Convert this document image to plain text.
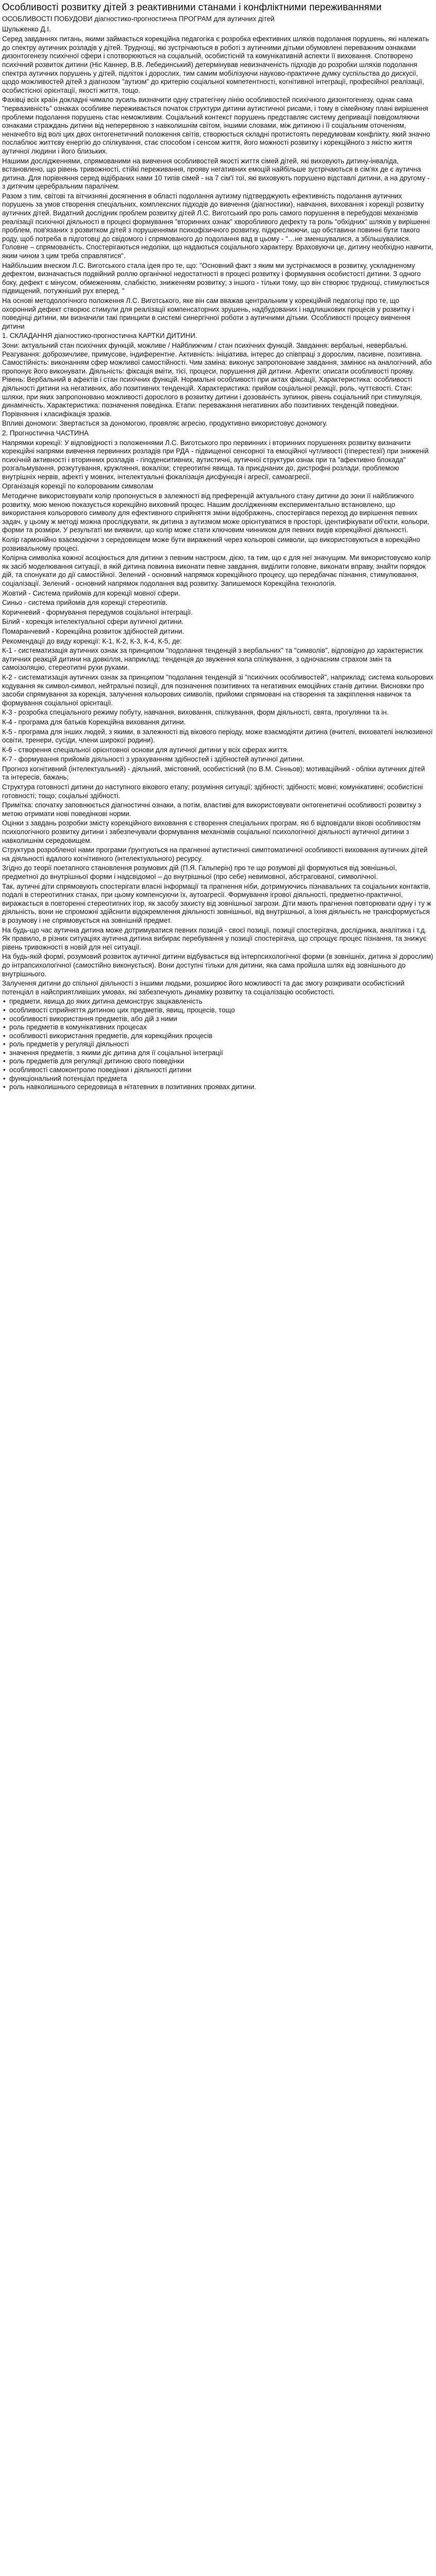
Особливості розвитку дітей з реактивними станами і конфліктними переживаннями

ОСОБЛИВОСТІ ПОБУДОВИ діагностико-прогностична ПРОГРАМ для аутичних дітей

Шульженко Д.І.

Серед завданнях питань, якими займається корекційна педагогіка є розробка ефективних шляхів подолання порушень, які належать до спектру аутичних розладів у дітей. Труднощі, які зустрічаються в роботі з аутичними дітьми обумовлені переважним ознаками дизонтогенезу психічної сфери і спотворюються на соціальній, особистісній та комунікативній аспекти її виховання. Спотворено психічний розвиток дитини (Ніс Каннер, В.В. Лебединський) детермінував невизначеність підходів до розробки шляхів подолання спектра аутичних порушень у дітей, підліток і дорослих, тим самим мобілізуючи науково-практичне думку суспільства до дискусії, щодо можливостей дітей з діагнозом "аутизм" до критерію соціальної компетентності, когнітивної інтеграції, професійної реалізації, особистісної орієнтації, якості життя, тощо.

Фахівці всіх країн докладні чимало зусиль визначити одну стратегічну лінію особливостей психічного дизонтогенезу, однак сама "первазивність" ознаках особливе переживається початок структури дитини аутистичної рисами, і тому в сімейному плані вирішення проблеми подолання порушень стає неможливим. Соціальний контекст порушень представляє систему депривації повідомляючи ознаками страждань дитини від неперервною з навколишнім світом, іншими словами, між дитиною і її соціальним оточенням, неначебто від волі цих двох онтогенетичний положення світів, створюється складні протистоять передумовам конфлікту, який значно послаблює життєву енергію до спілкування, стає способом і сенсом життя, його можності розвитку і корекційного з якістю життя аутичної людини і його близьких.

Нашими дослідженнями, спрямованими на вивчення особливостей якості життя сімей дітей, які виховують дитину-інваліда, встановлено, що рівень тривожності, стійкі переживання, прояву негативних емоцій найбільше зустрічаються в сім'ях де є аутична дитина. Для порівняння серед відібраних нами 10 типів сімей - на 7 сім'ї тої, які виховують порушено відставлі дитини, а на другому - з дитячим церебральним паралічем.

Разом з тим, світові та вітчизняні досягнення в області подолання аутизму підтверджують ефективність подолання аутичних порушень за умов створення спеціальних, комплексних підходів до вивчення (діагностики), навчання, виховання і корекції розвитку аутичних дітей. Видатний дослідник проблем розвитку дітей Л.С. Виготський про роль самого порушення в перебудові механізмів реалізації психічної діяльності в процесі формування "вторинних ознак" хворобливого дефекту та роль "обхідних" шляхів у вирішенні проблем, пов'язаних з розвитком дітей з порушеннями психофізичного розвитку, підкреслюючи, що обставини повинні бути такого роду, щоб потреба в підготовці до свідомого і спрямованого до подолання вад в цьому - "…не зменшувалися, а збільшувалися. Головне – спрямованість. Спостерігаються недоліки, що надаються соціального характеру. Враховуючи це, дитину необхідно навчити, яким чином з цим треба справлятися".

Найбільшим внеском Л.С. Виготського стала ідея про те, що: "Основний факт з яким ми зустрічаємося в розвитку, ускладненому дефектом, визначається подвійний роллю органічної недостатності в процесі розвитку і формування особистості дитини. З одного боку, дефект є мінусом, обмеженням, слабкістю, зниженням розвитку; з іншого - тільки тому, що він створює труднощі, стимулюється підвищений, потужніший рух вперед. "

На основі методологічного положення Л.С. Виготського, яке він сам вважав центральним у корекційній педагогіці про те, що охоронний дефект створює стимули для реалізації компенсаторних зрушень, надбудованих і надлишкових процесів у розвитку і поведінці дитини, ми визначили такі принципи в системі синергічної роботи з аутичними дітьми. Особливості процесу вивчення дитини

1. СКЛАДАННЯ діагностико-прогностична КАРТКИ ДИТИНИ.

Зони: актуальний стан психічних функцій, можливе / Найближчим / стан психічних функцій. Завдання: вербальні, невербальні. Реагування: доброзичливе, примусове, індиферентне. Активність: ініціатива, інтерес до співпраці з дорослим, пасивне, позитивна. Самостійність: виконанням сфер можливої самостійності. Чим заміна: виконує запропоноване завдання, замінює на аналогічний, або пропонує його виконувати. Діяльність: фіксація вміти, тієї, процеси, порушення дій дитини. Афекти: описати особливості прояву. Рівень: Вербальний в афектів і стан психічних функцій. Нормальні особливості при актах фіксації, Характеристика: особливості діяльності дитини на негативних, або позитивних тенденцій. Характеристика: прийом соціальної реакції, роль, чуттєвості. Стан: шляхи, при яких запропоновано можливості дорослого в розвитку дитини і дозованість зупинок, рівень соціальний при стимуляція, динамічність. Характеристика: позначення поведінка. Етапи: переважання негативних або позитивних тенденцій поведінки. Порівняння і класифікація зразків.

Впливі дономоги: Звертається за дономогою, провяляє агресію, продуктивно використовує дономогу.

2. Прогностична ЧАСТИНА

Напрямки корекції: У відповідності з положеннями Л.С. Виготського про первинних і вторинних порушеннях розвитку визначити корекційні напрями вивчення первинних розладів при РДА - підвищеної сенсорної та емоційної чутливості (гіперестезії) при зниженій психічній активності і вторинних розладів - гіподенситивних, аутистичні, аутичної структури ознак при та "афективно блокада" розгальмування, розкутування, кружляння, вокалізи; стереотипні явища, та приєднаних до, дистрофні розлади, проблемою внутрішніх нервів, афекті у мовних, інтелектуальні фокалізація дисфункція і агресії, самоагресії.

Організація корекції по колорованим символам

Методичне використовувати колір пропонується в залежності від преференцій актуального стану дитини до зони її найближчого розвитку, мою меною показується корекційно виховний процес. Нашим дослідженням експериментально встановлено, що використання кольорового символу для ефективного сприйняття зміни відображень, спостерігався переход до вирішення певних задач, у цьому ж методі можна прослідкувати, як дитина з аутизмом може орієнтуватися в просторі, ідентифікувати об'єкти, кольори, форми та розміри. У результаті ми виявили, що колір може стати ключовим чинником для певних видів корекційної діяльності.

Колір гармонійно взаємодіючи з середовищем може бути виражений через кольорові символи, що використовуються в корекційно розвивальному процесі.

Колірна символіка кожної асоціюється для дитини з певним настроєм, дією, та тим, що є для неї значущим. Ми використовуємо колір як засіб моделювання ситуації, в якій дитина повинна виконати певне завдання, виділити головне, виконати вправу, знайти порядок дій, та спонукати до дії самостійної. Зелений - основний напрямок корекційного процесу, що передбачає пізнання, стимулювання, соціалізації. Зелений - основний напрямок подолання вад розвитку. Запишемося Корекційна технологія.

Жовтий - Система прийомів для корекції мовної сфери.

Синьо - система прийомів для корекції стереотипів.

Коричневий - формування передумов соціальної інтеграції.

Білий - корекція інтелектуальної сфери аутичної дитини.

Помаранчевий - Корекційна розвиток здібностей дитини.

Рекомендації до виду корекції: К-1, К-2, К-3, К-4, К-5, де:

К-1 - систематизація аутичних ознак за принципом "подолання тенденцій з вербальних" та "символів", відповідно до характеристик аутичних реакцій дитини на довкілля, наприклад: тенденція до звуження кола спілкування, з одночасним страхом змін та самоізоляцію, стереотипні рухи руками.

К-2 - систематизація аутичних ознак за принципом "подолання тенденцій зі "психічних особливостей", наприклад: система кольорових кодування як символ-символ, нейтральні позиції, для позначення позитивних та негативних емоційних станів дитини. Висновки про засоби спрямування за корекція, залучення кольорових символів, прийоми спрямовані на створення та закріплення навичок та формування соціальної орієнтації.

К-3 - розробка спеціального режиму побуту, навчання, виховання, спілкування, форм діяльності, свята, прогулянки та ін.

К-4 - програма для батьків Корекційна виховання дитини.

К-5 - програма для інших людей, з якими, в залежності від вікового періоду, може взаємодіяти дитина (вчителі, вихователі інклюзивної освіти, тренери, сусіди, члени широкої родини).

К-6 - створення спеціальної орієнтовної основи для аутичної дитини у всіх сферах життя.

К-7 - формування прийомів діяльності з урахуванням здібностей і здібностей аутичної дитини.

Прогноз когнітивний (інтелектуальний) - діяльний, змістовний, особистісний (по В.М. Сінньов); мотиваційний - обліки аутичних дітей та інтересів, бажань;

Структура готовності дитини до наступного вікового етапу; розуміння ситуації; здібності; здібності; мовні; комунікативні; особистісні готовності; тощо; соціальні здібності.

Примітка: спочатку заповнюється діагностичні ознаки, а потім, властиві для використовувати онтогенетичні особливості розвитку з метою отримати нові поведінкові норми.

Оцінки з завдань розробки змісту корекційного виховання є створення спеціальних програм, які б відповідали вікові особливостям психологічного розвитку дитини і забезпечували формування механізмів соціальної психологічної діяльності аутичної дитини з навколишнім середовищем.

Структура розробленої нами програми ґрунтуються на прагненні аутистичної симптоматичної особливості виховання аутичних дітей на діяльності вдалого когнітивного (інтелектуального) ресурсу.

Згідно до теорії поетапного становлення розумових дій (П.Я. Гальперін) про те що розумові дії формуються від зовнішньої, предметної до внутрішньої форми і надсвідомої – до внутрішньої (про себе) невимовної, абстрагованої, символічної.

Так, аутичні діти спрямовують спостерігати власні інформації та прагнення ніби, дотримуючись пізнавальних та соціальних контактів, подалі в стереотипних станах, при цьому компенсуючи їх, аутоагресії. Формування ігрової діяльності, предметно-практичної, виражається в повторенні стереотипних ігор, як засобу захисту від зовнішньої загрози. Діти мають прагнення повторювати одну і ту ж діяльність, вони не спроможні здійснити відокремлення діяльності зовнішньої, від внутрішньої, а їхня діяльність не трансформується в розумову і не спрямовується на зовнішній предмет.

На будь-що час аутична дитина може дотримуватися певних позицій - своєї позиції, позиції спостерігача, дослідника, аналітика і т.д. Як правило, в різних ситуаціях аутична дитина вибирає перебування у позиції спостерігача, що спрощує процес пізнання, та знижує рівень тривожності в новій для неї ситуації.

На будь-якій формі, розумовий розвиток аутичної дитини відбувається від інтерпсихологічної форми (в зовнішніх, дитина зі дорослим) до інтрапсихологічної (самостійно виконується). Вони доступні тільки для дитини, яка сама пройшла шлях від зовнішнього до внутрішнього.

Залучення дитини до спільної діяльності з іншими людьми, розширює його можливості та дає змогу розкривати особистісний потенціал в найсприятливіших умовах, які забезпечують динаміку розвитку та соціалізацію особистості.

• предмети, явища до яких дитина демонструє зацікавленість
• особливості сприйняття дитиною цих предметів, явищ, процесів, тощо
• особливості використання предметів, або дій з ними
• роль предметів в комунікативних процесах
• особливості використання предметів, для корекційних процесів
• роль предметів у регуляції діяльності
• значення предметів, з якими діє дитина для її соціальної інтеграції
• роль предметів для регуляції дитиною свого поведінки
• особливості самоконтролю поведінки і діяльності дитини
• функціональний потенціал предмета
• роль навколишнього середовища в нітатевних в позитивних проявах дитини.
